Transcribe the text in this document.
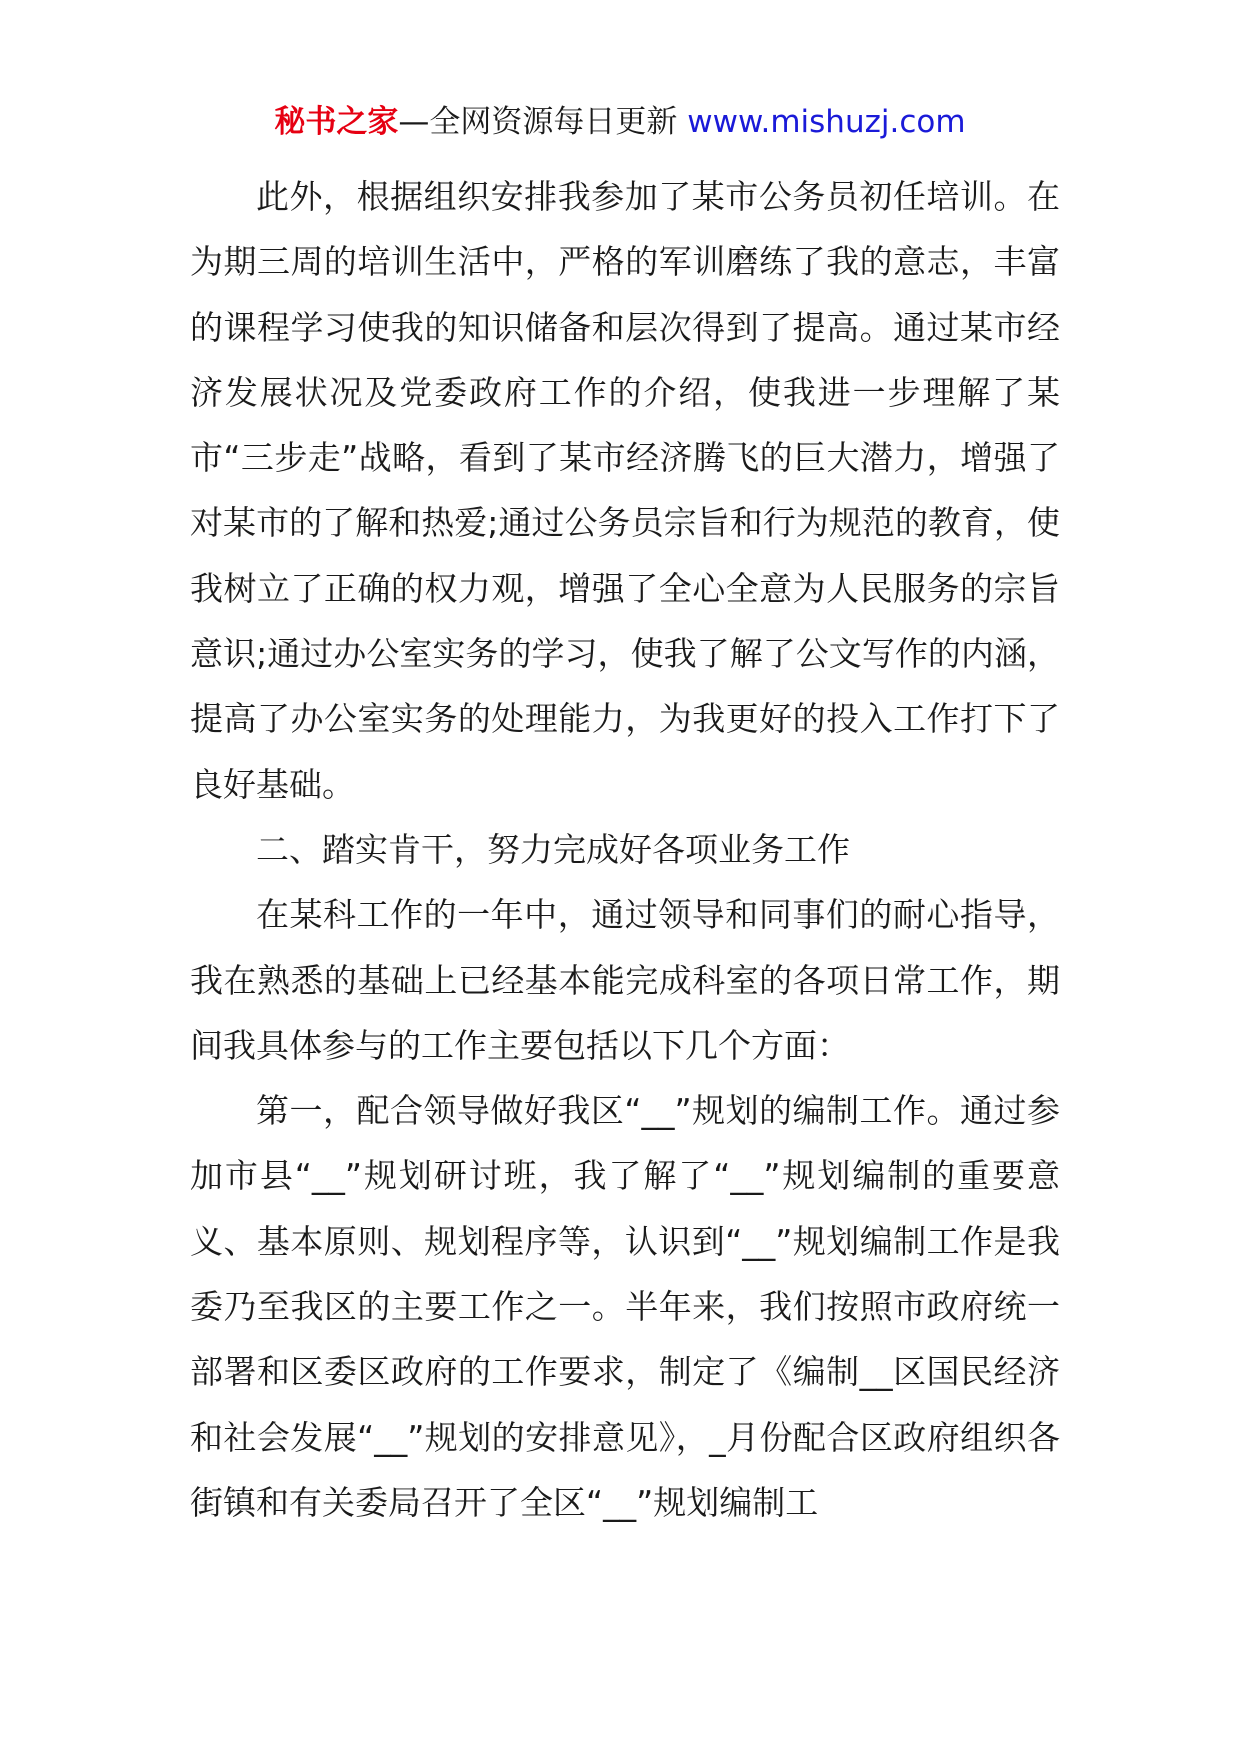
秘书之家—全网资源每日更新 www.mishuzj.com

此外，根据组织安排我参加了某市公务员初任培训。在为期三周的培训生活中，严格的军训磨练了我的意志，丰富的课程学习使我的知识储备和层次得到了提高。通过某市经济发展状况及党委政府工作的介绍，使我进一步理解了某市“三步走”战略，看到了某市经济腾飞的巨大潜力，增强了对某市的了解和热爱;通过公务员宗旨和行为规范的教育，使我树立了正确的权力观，增强了全心全意为人民服务的宗旨意识;通过办公室实务的学习，使我了解了公文写作的内涵，提高了办公室实务的处理能力，为我更好的投入工作打下了良好基础。

二、踏实肯干，努力完成好各项业务工作

在某科工作的一年中，通过领导和同事们的耐心指导，我在熟悉的基础上已经基本能完成科室的各项日常工作，期间我具体参与的工作主要包括以下几个方面：

第一，配合领导做好我区“__”规划的编制工作。通过参加市县“__”规划研讨班，我了解了“__”规划编制的重要意义、基本原则、规划程序等，认识到“__”规划编制工作是我委乃至我区的主要工作之一。半年来，我们按照市政府统一部署和区委区政府的工作要求，制定了《编制__区国民经济和社会发展“__”规划的安排意见》，_月份配合区政府组织各街镇和有关委局召开了全区“__”规划编制工
